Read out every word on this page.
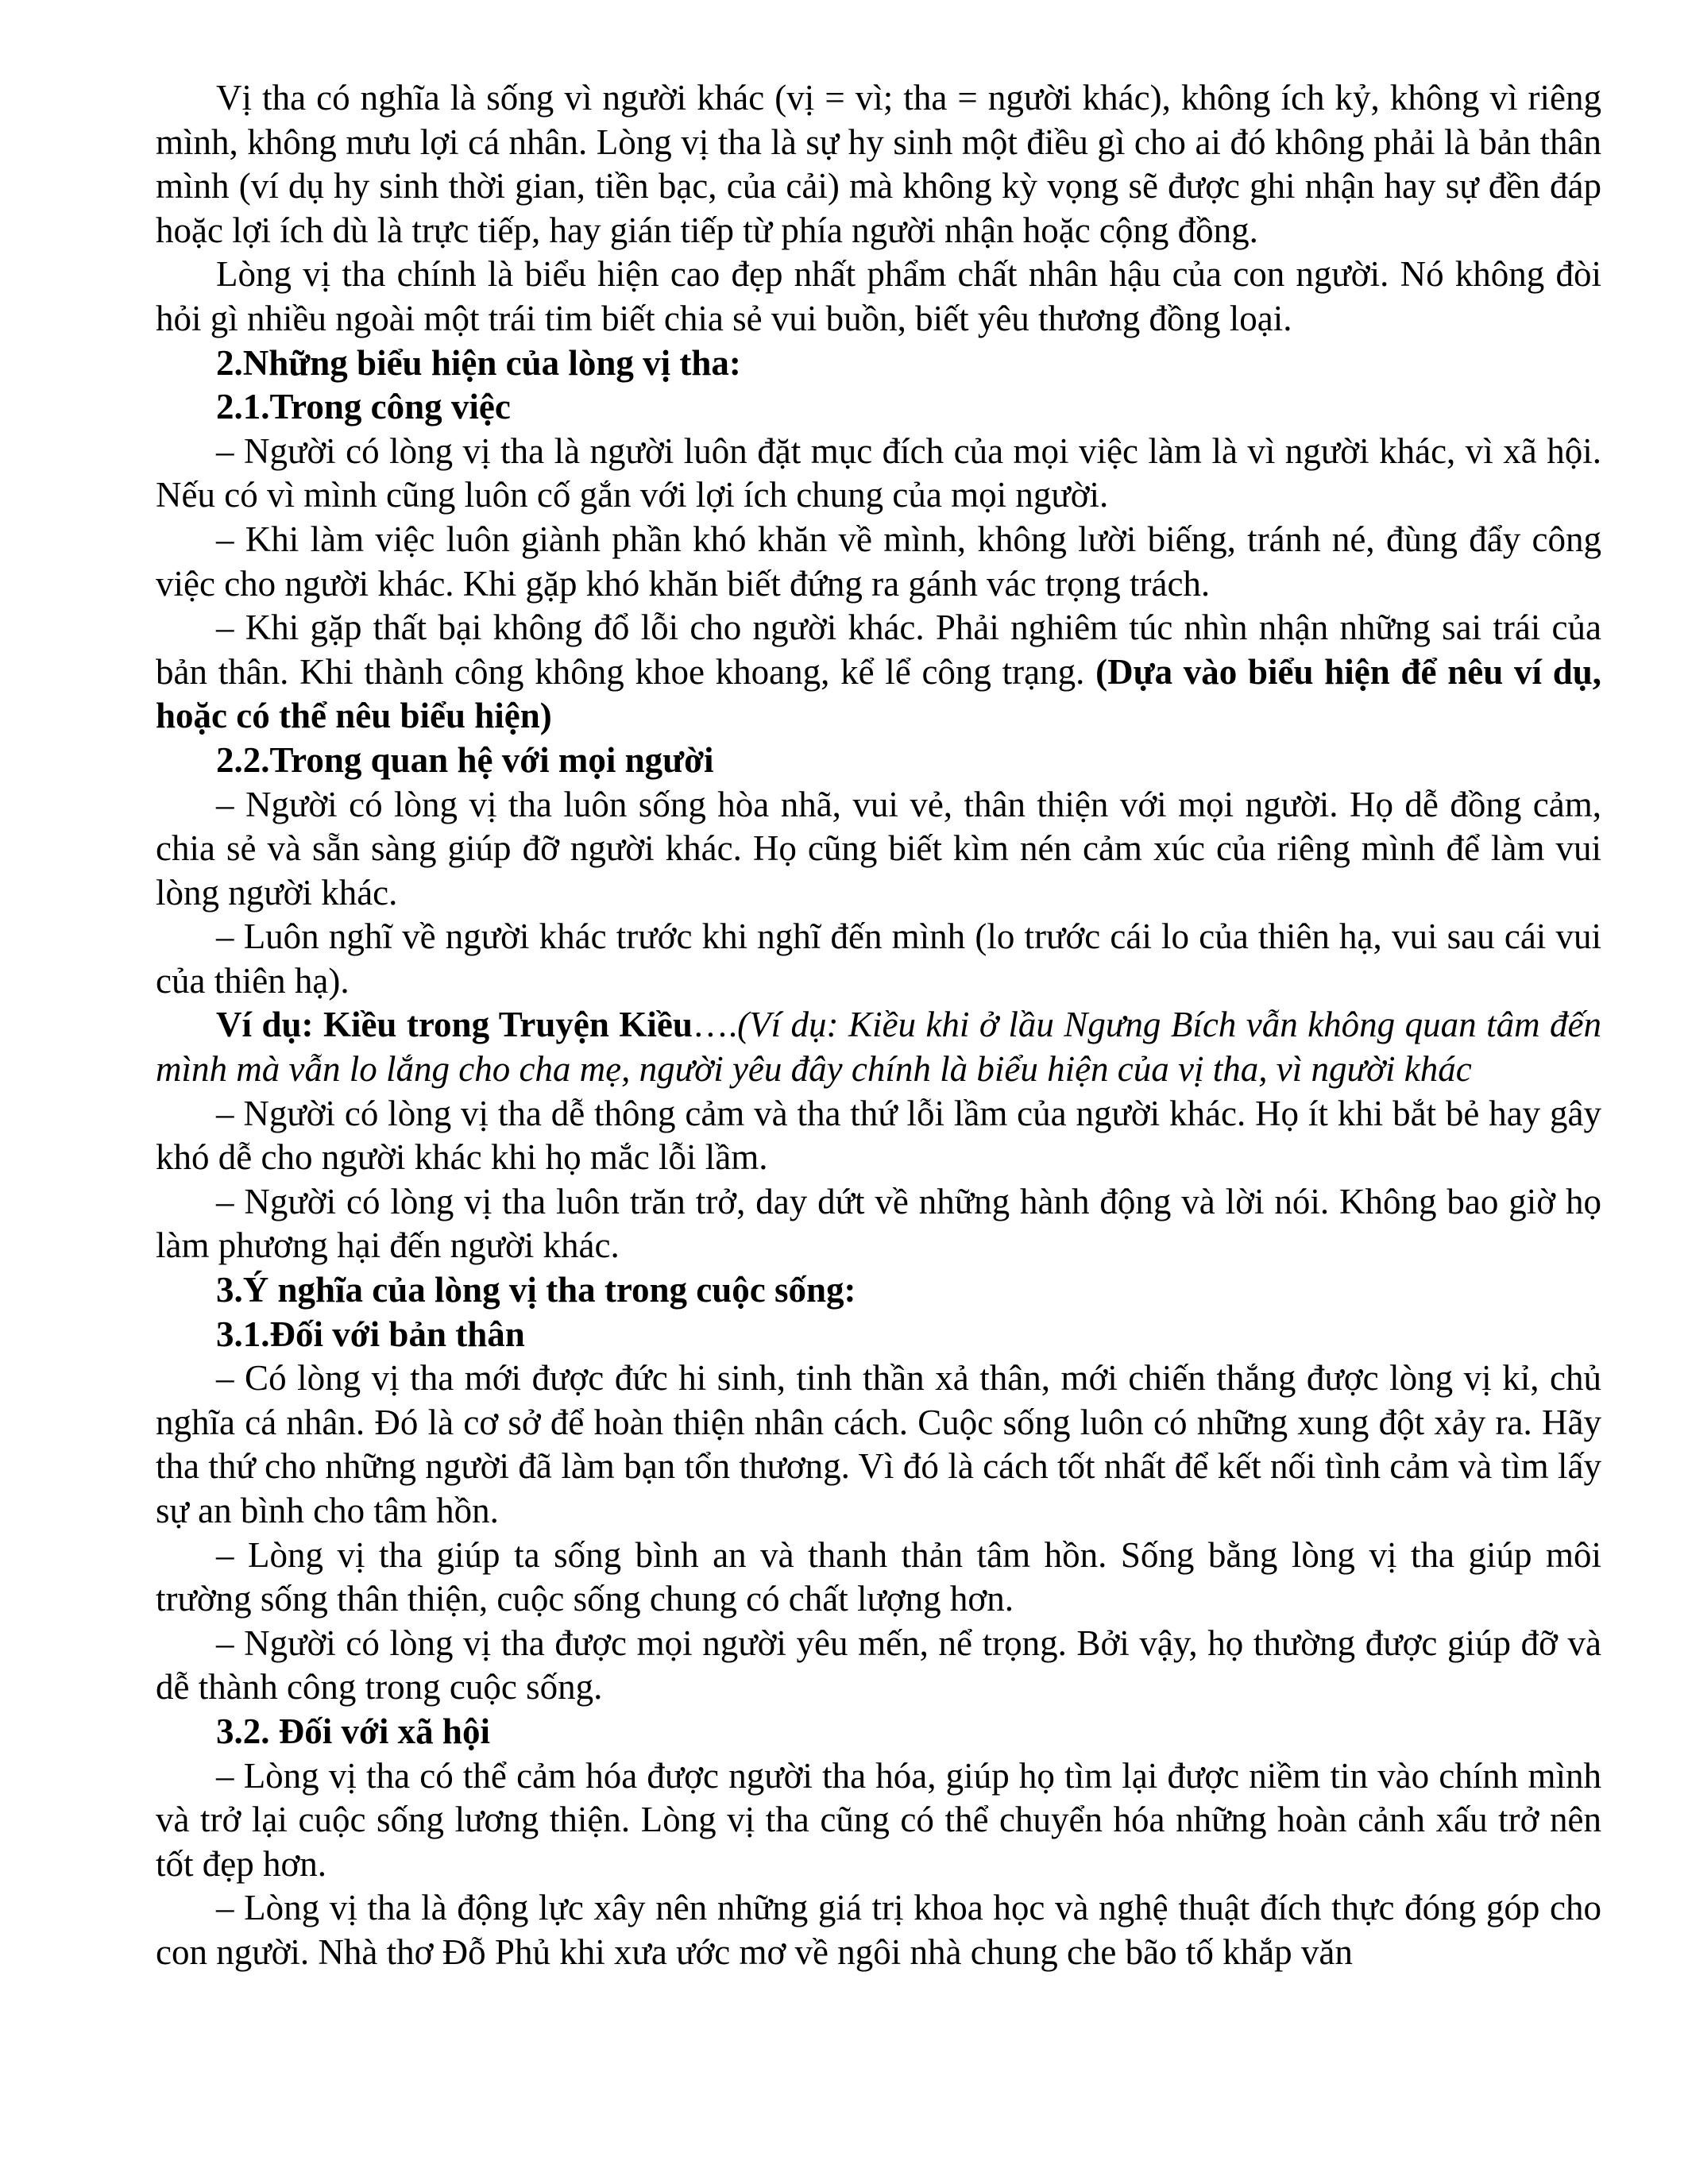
Vị tha có nghĩa là sống vì người khác (vị = vì; tha = người khác), không ích kỷ, không vì riêng mình, không mưu lợi cá nhân. Lòng vị tha là sự hy sinh một điều gì cho ai đó không phải là bản thân mình (ví dụ hy sinh thời gian, tiền bạc, của cải) mà không kỳ vọng sẽ được ghi nhận hay sự đền đáp hoặc lợi ích dù là trực tiếp, hay gián tiếp từ phía người nhận hoặc cộng đồng.

Lòng vị tha chính là biểu hiện cao đẹp nhất phẩm chất nhân hậu của con người. Nó không đòi hỏi gì nhiều ngoài một trái tim biết chia sẻ vui buồn, biết yêu thương đồng loại.

2.Những biểu hiện của lòng vị tha:

2.1.Trong công việc

– Người có lòng vị tha là người luôn đặt mục đích của mọi việc làm là vì người khác, vì xã hội. Nếu có vì mình cũng luôn cố gắn với lợi ích chung của mọi người.

– Khi làm việc luôn giành phần khó khăn về mình, không lười biếng, tránh né, đùng đẩy công việc cho người khác. Khi gặp khó khăn biết đứng ra gánh vác trọng trách.

– Khi gặp thất bại không đổ lỗi cho người khác. Phải nghiêm túc nhìn nhận những sai trái của bản thân. Khi thành công không khoe khoang, kể lể công trạng. (Dựa vào biểu hiện để nêu ví dụ, hoặc có thể nêu biểu hiện)

2.2.Trong quan hệ với mọi người

– Người có lòng vị tha luôn sống hòa nhã, vui vẻ, thân thiện với mọi người. Họ dễ đồng cảm, chia sẻ và sẵn sàng giúp đỡ người khác. Họ cũng biết kìm nén cảm xúc của riêng mình để làm vui lòng người khác.

– Luôn nghĩ về người khác trước khi nghĩ đến mình (lo trước cái lo của thiên hạ, vui sau cái vui của thiên hạ).

Ví dụ: Kiều trong Truyện Kiều….(Ví dụ: Kiều khi ở lầu Ngưng Bích vẫn không quan tâm đến mình mà vẫn lo lắng cho cha mẹ, người yêu đây chính là biểu hiện của vị tha, vì người khác

– Người có lòng vị tha dễ thông cảm và tha thứ lỗi lầm của người khác. Họ ít khi bắt bẻ hay gây khó dễ cho người khác khi họ mắc lỗi lầm.

– Người có lòng vị tha luôn trăn trở, day dứt về những hành động và lời nói. Không bao giờ họ làm phương hại đến người khác.

3.Ý nghĩa của lòng vị tha trong cuộc sống:

3.1.Đối với bản thân

– Có lòng vị tha mới được đức hi sinh, tinh thần xả thân, mới chiến thắng được lòng vị kỉ, chủ nghĩa cá nhân. Đó là cơ sở để hoàn thiện nhân cách. Cuộc sống luôn có những xung đột xảy ra. Hãy tha thứ cho những người đã làm bạn tổn thương. Vì đó là cách tốt nhất để kết nối tình cảm và tìm lấy sự an bình cho tâm hồn.

– Lòng vị tha giúp ta sống bình an và thanh thản tâm hồn. Sống bằng lòng vị tha giúp môi trường sống thân thiện, cuộc sống chung có chất lượng hơn.

– Người có lòng vị tha được mọi người yêu mến, nể trọng. Bởi vậy, họ thường được giúp đỡ và dễ thành công trong cuộc sống.

3.2. Đối với xã hội

– Lòng vị tha có thể cảm hóa được người tha hóa, giúp họ tìm lại được niềm tin vào chính mình và trở lại cuộc sống lương thiện. Lòng vị tha cũng có thể chuyển hóa những hoàn cảnh xấu trở nên tốt đẹp hơn.

– Lòng vị tha là động lực xây nên những giá trị khoa học và nghệ thuật đích thực đóng góp cho con người. Nhà thơ Đỗ Phủ khi xưa ước mơ về ngôi nhà chung che bão tố khắp văn
